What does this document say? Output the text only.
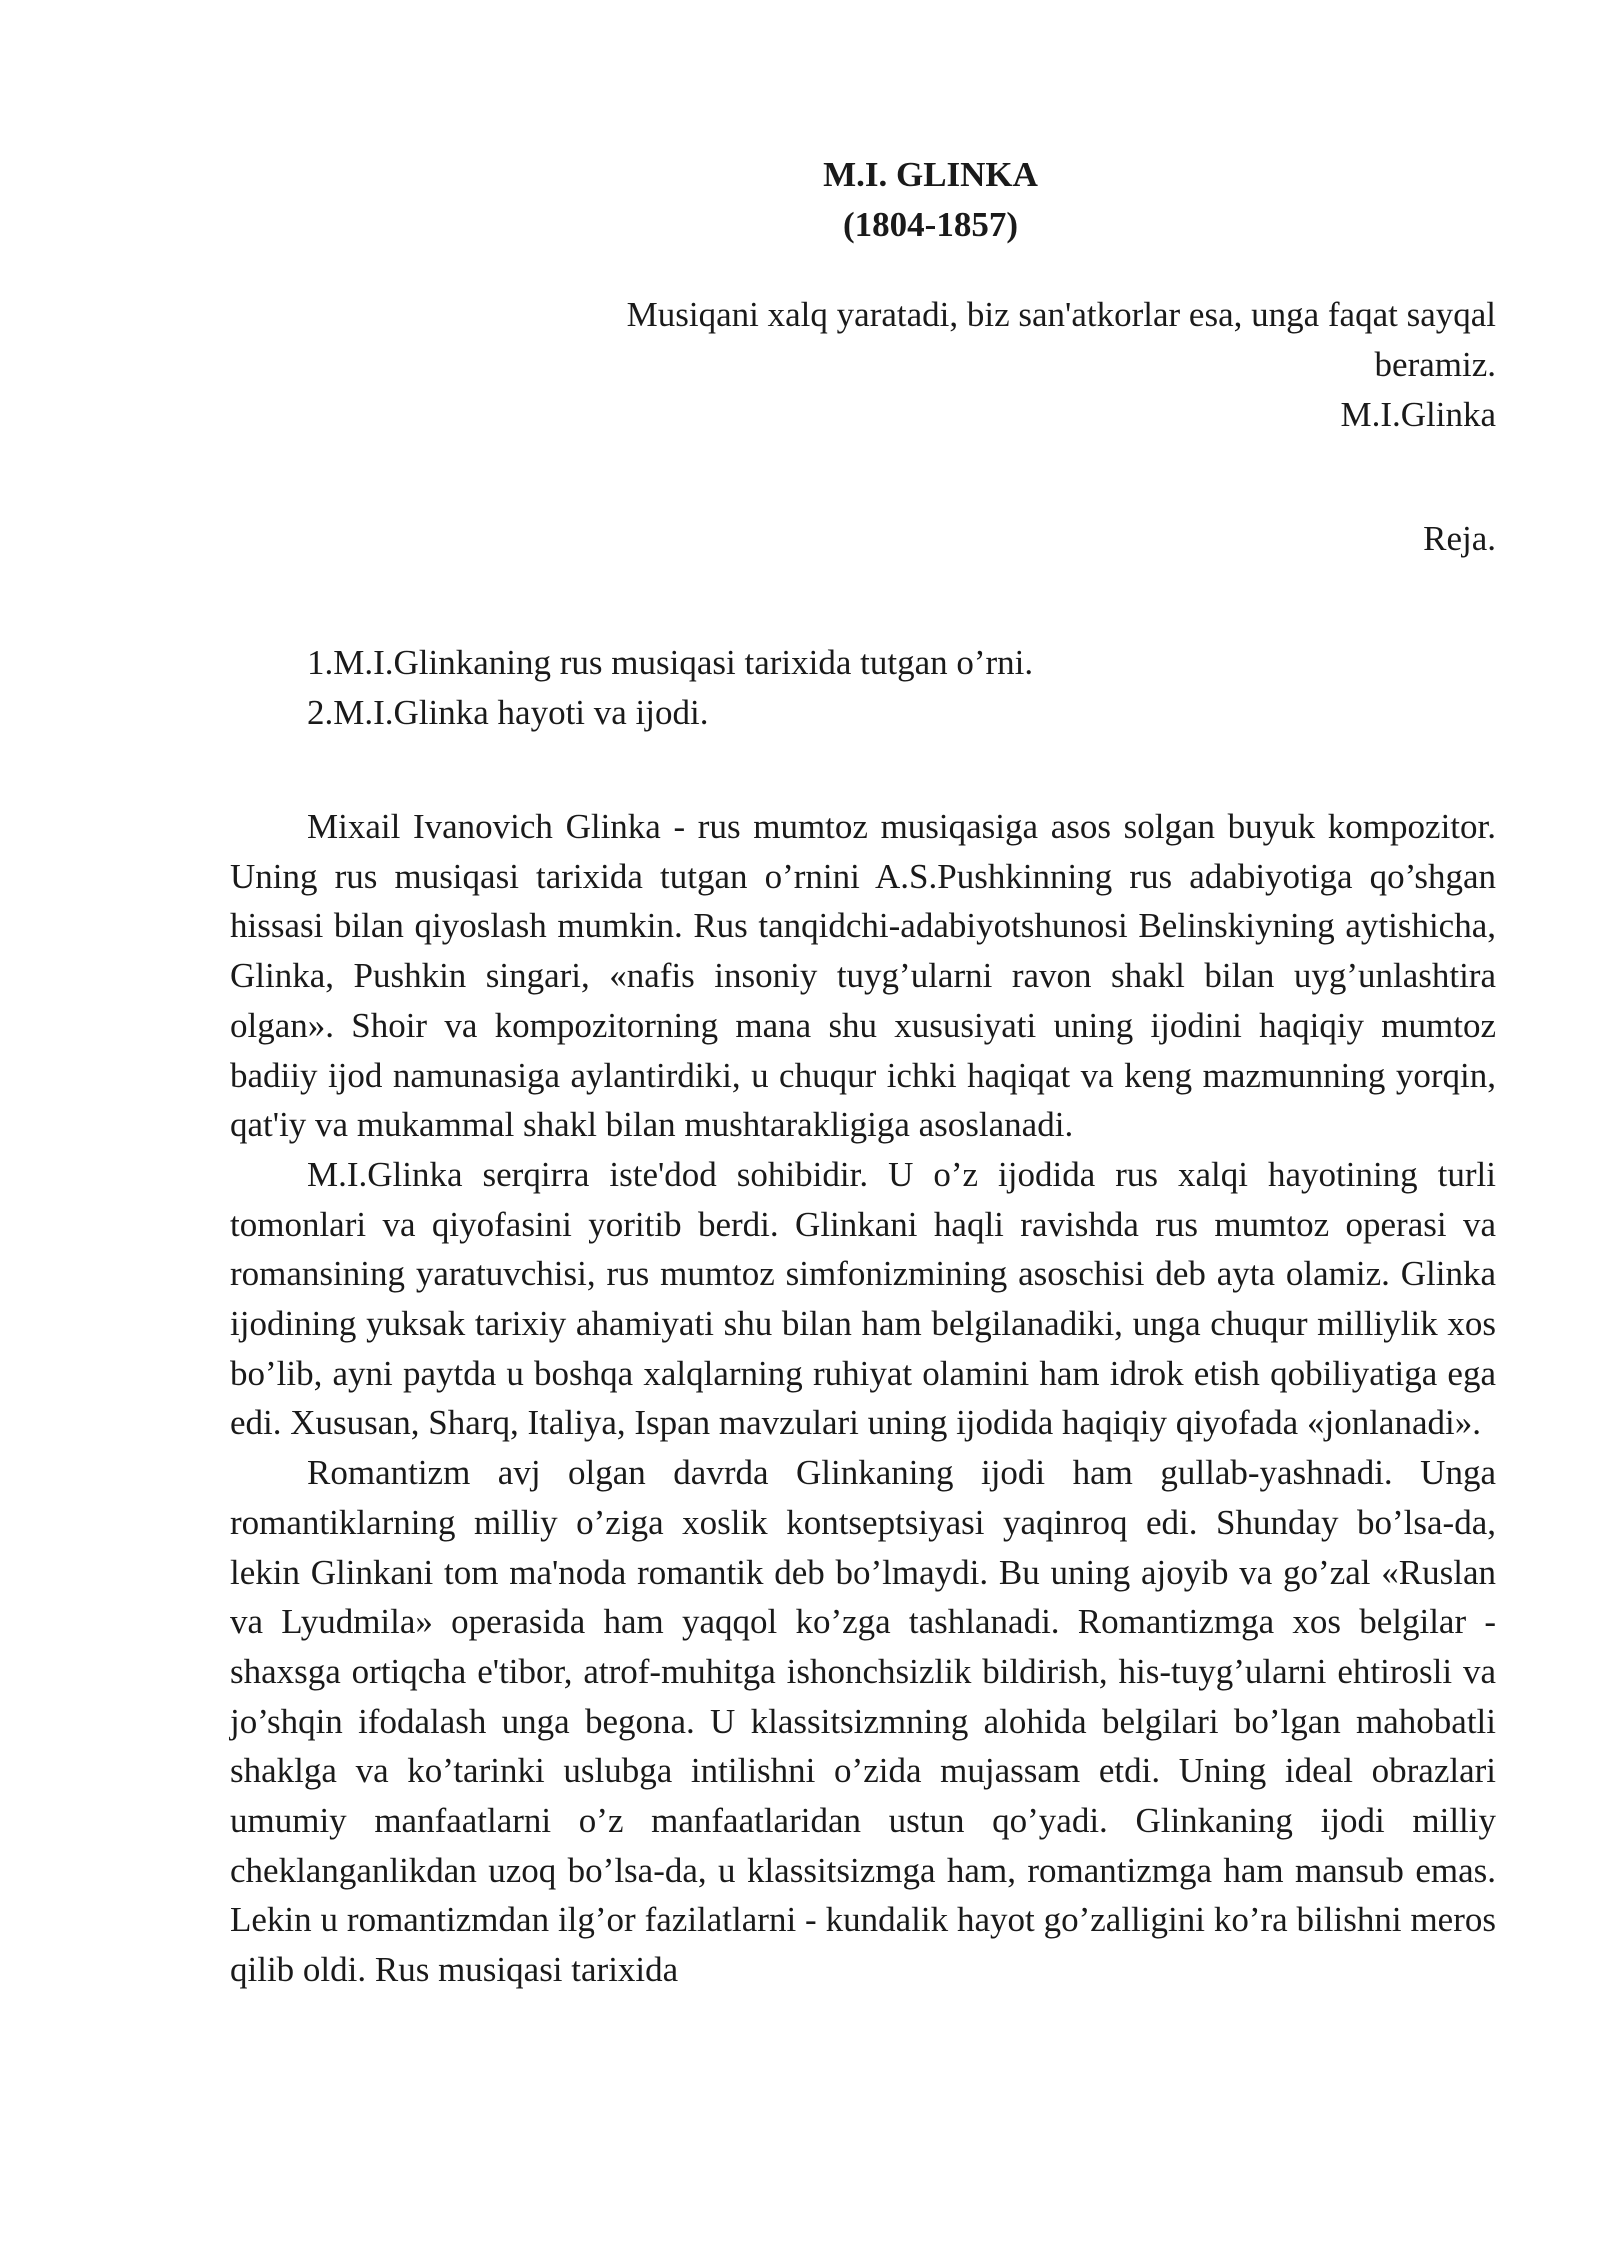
M.I. GLINKA
(1804-1857)
Musiqani xalq yaratadi, biz san'atkorlar esa, unga faqat sayqal beramiz.
M.I.Glinka
Reja.
1.M.I.Glinkaning rus musiqasi tarixida tutgan o’rni.
2.M.I.Glinka hayoti va ijodi.

Mixail Ivanovich Glinka - rus mumtoz musiqasiga asos solgan buyuk kompozitor. Uning rus musiqasi tarixida tutgan o’rnini A.S.Pushkinning rus adabiyotiga qo’shgan hissasi bilan qiyoslash mumkin. Rus tanqidchi-adabiyotshunosi Belinskiyning aytishicha, Glinka, Pushkin singari, «nafis insoniy tuyg’ularni ravon shakl bilan uyg’unlashtira olgan». Shoir va kompozitorning mana shu xususiyati uning ijodini haqiqiy mumtoz badiiy ijod namunasiga aylantirdiki, u chuqur ichki haqiqat va keng mazmunning yorqin, qat'iy va mukammal shakl bilan mushtarakligiga asoslanadi.

M.I.Glinka serqirra iste'dod sohibidir. U o’z ijodida rus xalqi hayotining turli tomonlari va qiyofasini yoritib berdi. Glinkani haqli ravishda rus mumtoz operasi va romansining yaratuvchisi, rus mumtoz simfonizmining asoschisi deb ayta olamiz. Glinka ijodining yuksak tarixiy ahamiyati shu bilan ham belgilanadiki, unga chuqur milliylik xos bo’lib, ayni paytda u boshqa xalqlarning ruhiyat olamini ham idrok etish qobiliyatiga ega edi. Xususan, Sharq, Italiya, Ispan mavzulari uning ijodida haqiqiy qiyofada «jonlanadi».

Romantizm avj olgan davrda Glinkaning ijodi ham gullab-yashnadi. Unga romantiklarning milliy o’ziga xoslik kontseptsiyasi yaqinroq edi. Shunday bo’lsa-da, lekin Glinkani tom ma'noda romantik deb bo’lmaydi. Bu uning ajoyib va go’zal «Ruslan va Lyudmila» operasida ham yaqqol ko’zga tashlanadi. Romantizmga xos belgilar - shaxsga ortiqcha e'tibor, atrof-muhitga ishonchsizlik bildirish, his-tuyg’ularni ehtirosli va jo’shqin ifodalash unga begona. U klassitsizmning alohida belgilari bo’lgan mahobatli shaklga va ko’tarinki uslubga intilishni o’zida mujassam etdi. Uning ideal obrazlari umumiy manfaatlarni o’z manfaatlaridan ustun qo’yadi. Glinkaning ijodi milliy cheklanganlikdan uzoq bo’lsa-da, u klassitsizmga ham, romantizmga ham mansub emas. Lekin u romantizmdan ilg’or fazilatlarni - kundalik hayot go’zalligini ko’ra bilishni meros qilib oldi. Rus musiqasi tarixida
